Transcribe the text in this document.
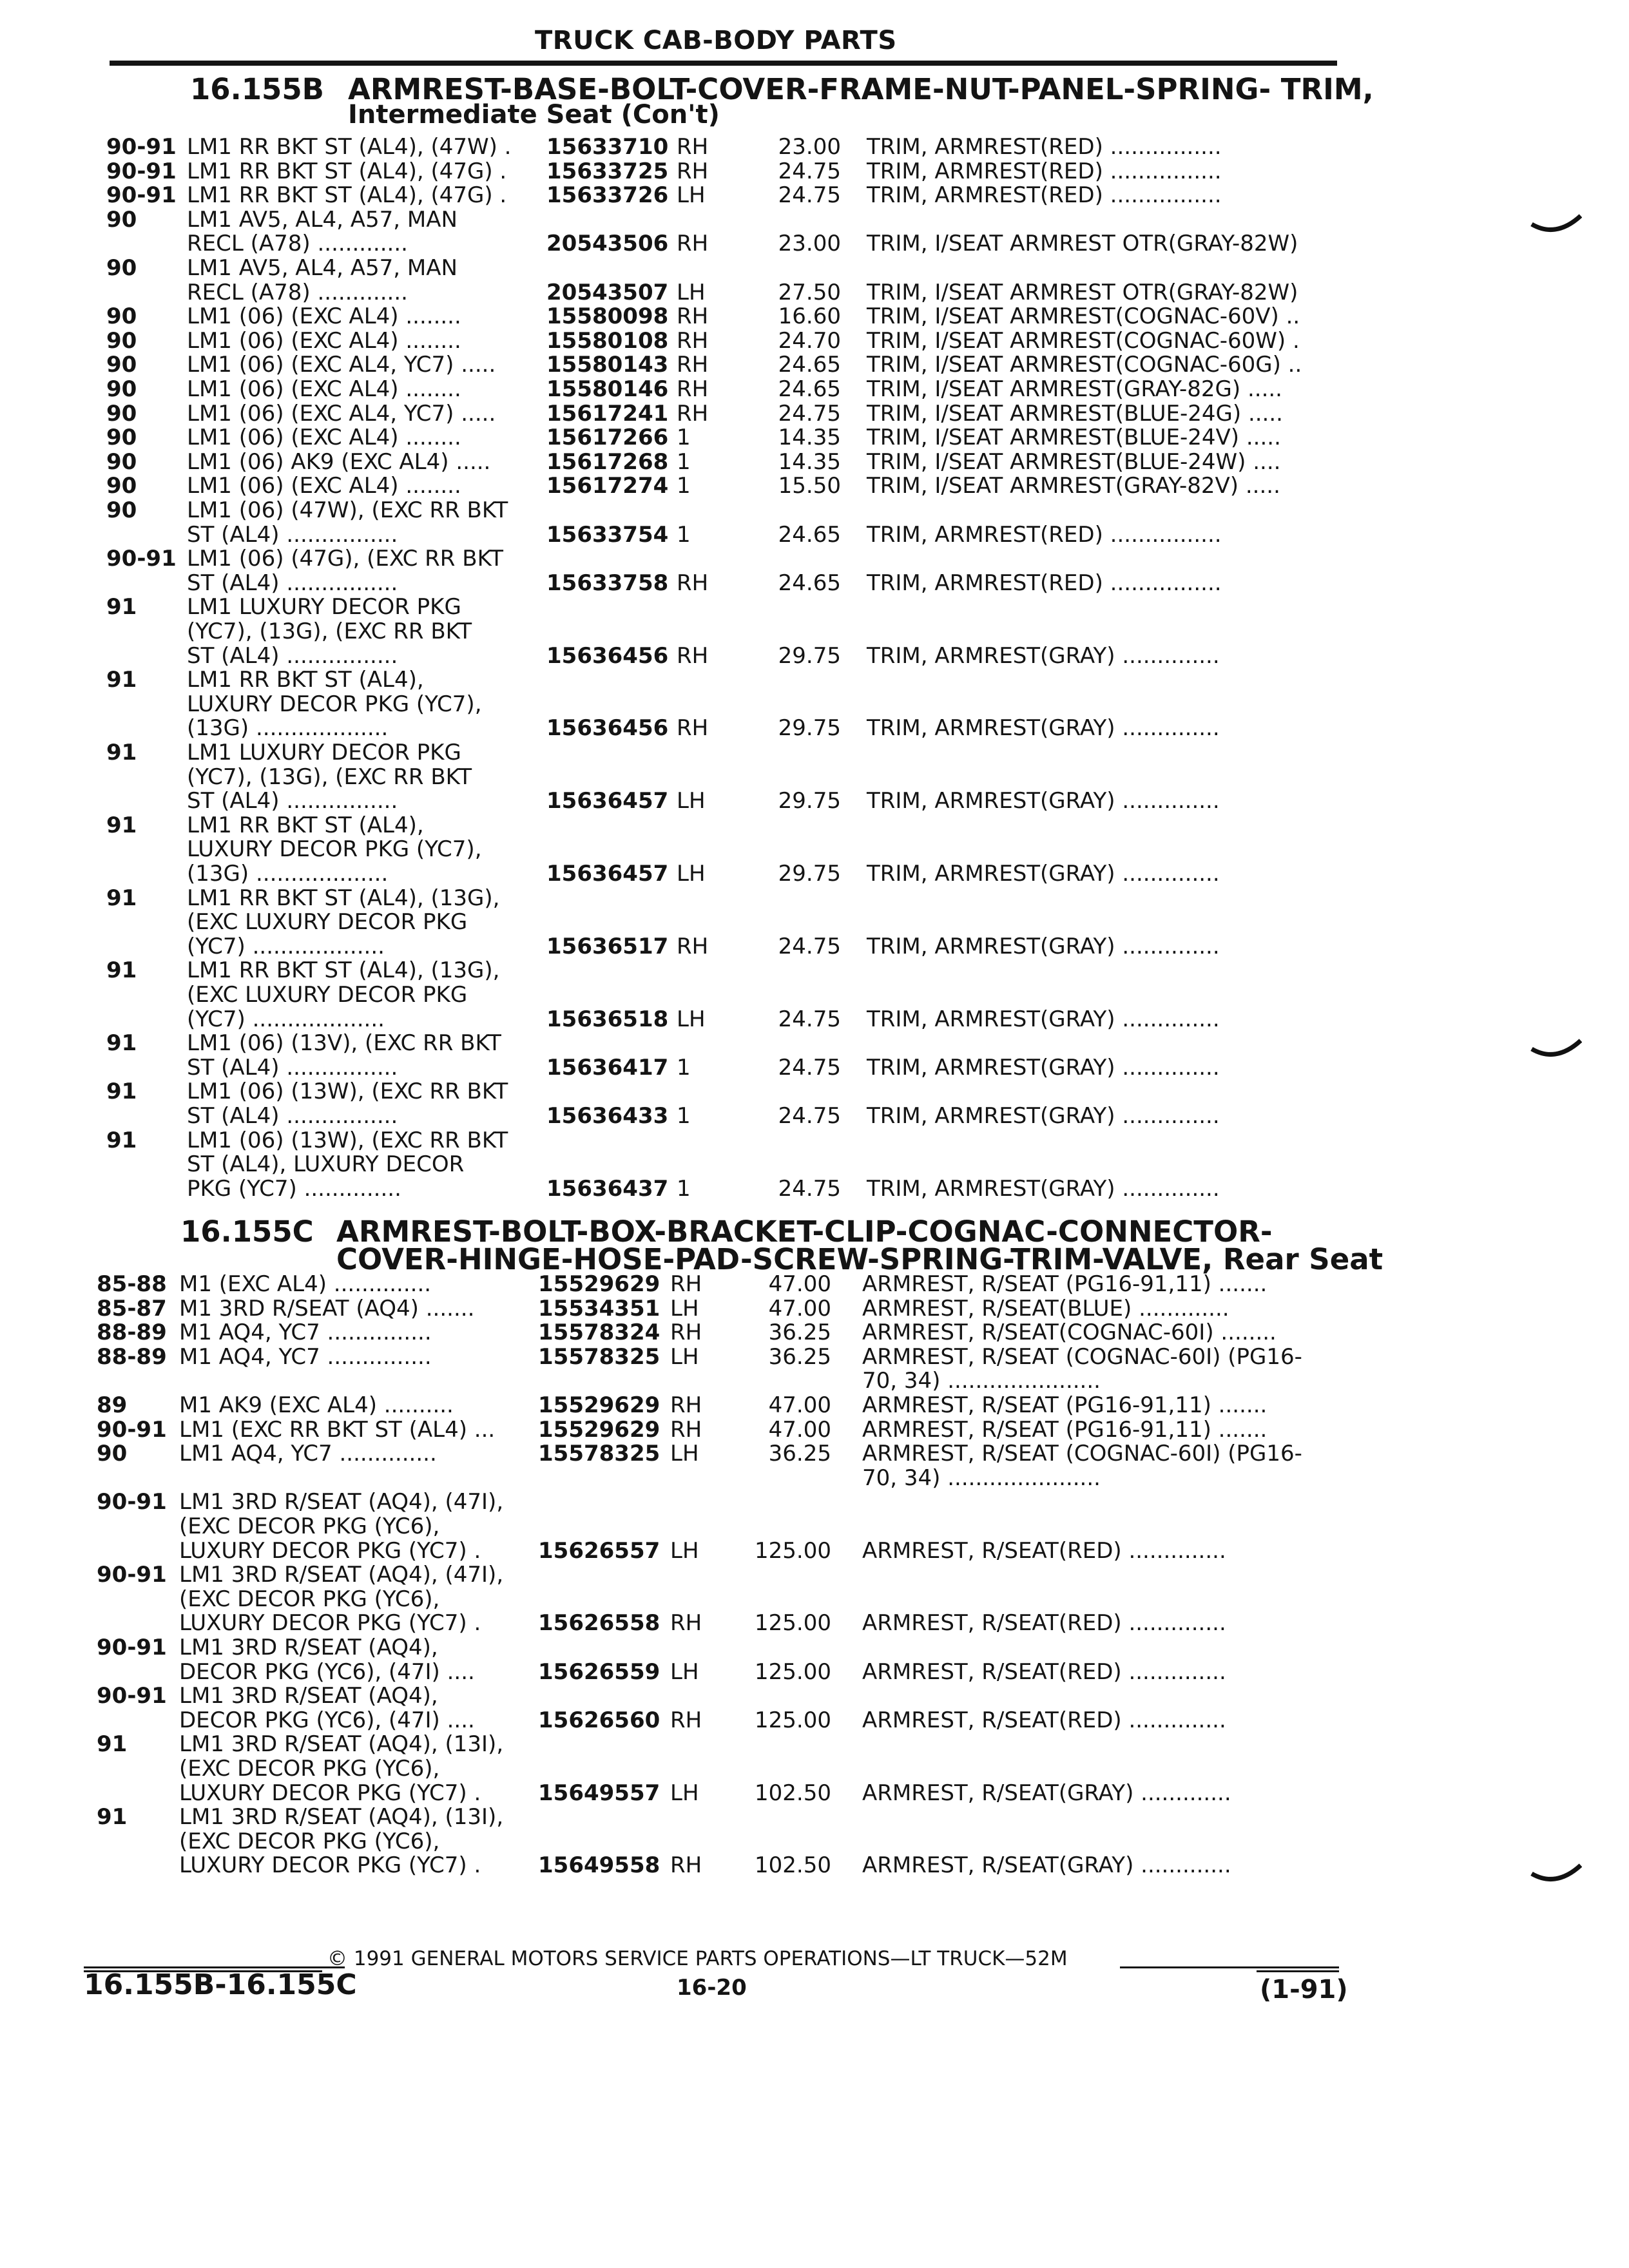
TRUCK CAB-BODY PARTS
16.155B ARMREST-BASE-BOLT-COVER-FRAME-NUT-PANEL-SPRING- TRIM,
Intermediate Seat (Con't)
90-91 LM1 RR BKT ST (AL4), (47W) . 15633710 RH	23.00 TRIM, ARMREST(RED) ................
90-91 LM1 RR BKT ST (AL4), (47G) . 15633725 RH	24.75 TRIM, ARMREST(RED) ................
90-91 LM1 RR BKT ST (AL4), (47G) . 15633726 LH	24.75 TRIM, ARMREST(RED) ................
90 LM1 AV5, AL4, A57, MAN
RECL (A78) .............	20543506 RH	23.00 TRIM, I/SEAT ARMREST OTR(GRAY-82W)
90 LM1 AV5, AL4, A57, MAN
RECL (A78) .............	20543507 LH	27.50 TRIM, I/SEAT ARMREST OTR(GRAY-82W)
90 LM1 (06) (EXC AL4) ........	15580098 RH	16.60 TRIM, I/SEAT ARMREST(COGNAC-60V) ..
90 LM1 (06) (EXC AL4) ........	15580108 RH	24.70 TRIM, I/SEAT ARMREST(COGNAC-60W) .
90 LM1 (06) (EXC AL4, YC7) ..... 15580143 RH	24.65 TRIM, I/SEAT ARMREST(COGNAC-60G) ..
90 LM1 (06) (EXC AL4) ........	15580146 RH	24.65 TRIM, I/SEAT ARMREST(GRAY-82G) .....
90 LM1 (06) (EXC AL4, YC7) ..... 15617241 RH	24.75 TRIM, I/SEAT ARMREST(BLUE-24G) .....
90 LM1 (06) (EXC AL4) ........	15617266 1	14.35 TRIM, I/SEAT ARMREST(BLUE-24V) .....
90 LM1 (06) AK9 (EXC AL4) .....	15617268 1	14.35 TRIM, I/SEAT ARMREST(BLUE-24W) ....
90 LM1 (06) (EXC AL4) ........	15617274 1	15.50 TRIM, I/SEAT ARMREST(GRAY-82V) .....
90 LM1 (06) (47W), (EXC RR BKT
ST (AL4) ................	15633754 1	24.65 TRIM, ARMREST(RED) ................
90-91 LM1 (06) (47G), (EXC RR BKT
ST (AL4) ................	15633758 RH	24.65 TRIM, ARMREST(RED) ................
91 LM1 LUXURY DECOR PKG
(YC7), (13G), (EXC RR BKT
ST (AL4) ................	15636456 RH	29.75 TRIM, ARMREST(GRAY) ..............
91 LM1 RR BKT ST (AL4),
LUXURY DECOR PKG (YC7),
(13G) ...................	15636456 RH	29.75 TRIM, ARMREST(GRAY) ..............
91 LM1 LUXURY DECOR PKG
(YC7), (13G), (EXC RR BKT
ST (AL4) ................	15636457 LH	29.75 TRIM, ARMREST(GRAY) ..............
91 LM1 RR BKT ST (AL4),
LUXURY DECOR PKG (YC7),
(13G) ...................	15636457 LH	29.75 TRIM, ARMREST(GRAY) ..............
91 LM1 RR BKT ST (AL4), (13G),
(EXC LUXURY DECOR PKG
(YC7) ...................	15636517 RH	24.75 TRIM, ARMREST(GRAY) ..............
91 LM1 RR BKT ST (AL4), (13G),
(EXC LUXURY DECOR PKG
(YC7) ...................	15636518 LH	24.75 TRIM, ARMREST(GRAY) ..............
91 LM1 (06) (13V), (EXC RR BKT
ST (AL4) ................	15636417 1	24.75 TRIM, ARMREST(GRAY) ..............
91 LM1 (06) (13W), (EXC RR BKT
ST (AL4) ................	15636433 1	24.75 TRIM, ARMREST(GRAY) ..............
91 LM1 (06) (13W), (EXC RR BKT
ST (AL4), LUXURY DECOR
PKG (YC7) ..............	15636437 1	24.75 TRIM, ARMREST(GRAY) ..............
16.155C ARMREST-BOLT-BOX-BRACKET-CLIP-COGNAC-CONNECTOR-
COVER-HINGE-HOSE-PAD-SCREW-SPRING-TRIM-VALVE, Rear Seat
85-88 M1 (EXC AL4) ..............	15529629 RH	47.00 ARMREST, R/SEAT (PG16-91,11) .......
85-87 M1 3RD R/SEAT (AQ4) .......	15534351 LH	47.00 ARMREST, R/SEAT(BLUE) .............
88-89 M1 AQ4, YC7 ...............	15578324 RH	36.25 ARMREST, R/SEAT(COGNAC-60I) ........
88-89 M1 AQ4, YC7 ...............	15578325 LH	36.25 ARMREST, R/SEAT (COGNAC-60I) (PG16-
70, 34) ......................
89 M1 AK9 (EXC AL4) ..........	15529629 RH	47.00 ARMREST, R/SEAT (PG16-91,11) .......
90-91 LM1 (EXC RR BKT ST (AL4) ... 15529629 RH	47.00 ARMREST, R/SEAT (PG16-91,11) .......
90 LM1 AQ4, YC7 ..............	15578325 LH	36.25 ARMREST, R/SEAT (COGNAC-60I) (PG16-
70, 34) ......................
90-91 LM1 3RD R/SEAT (AQ4), (47I),
(EXC DECOR PKG (YC6),
LUXURY DECOR PKG (YC7) .	15626557 LH	125.00 ARMREST, R/SEAT(RED) ..............
90-91 LM1 3RD R/SEAT (AQ4), (47I),
(EXC DECOR PKG (YC6),
LUXURY DECOR PKG (YC7) .	15626558 RH	125.00 ARMREST, R/SEAT(RED) ..............
90-91 LM1 3RD R/SEAT (AQ4),
DECOR PKG (YC6), (47I) ....	15626559 LH	125.00 ARMREST, R/SEAT(RED) ..............
90-91 LM1 3RD R/SEAT (AQ4),
DECOR PKG (YC6), (47I) ....	15626560 RH	125.00 ARMREST, R/SEAT(RED) ..............
91 LM1 3RD R/SEAT (AQ4), (13I),
(EXC DECOR PKG (YC6),
LUXURY DECOR PKG (YC7) .	15649557 LH	102.50 ARMREST, R/SEAT(GRAY) .............
91 LM1 3RD R/SEAT (AQ4), (13I),
(EXC DECOR PKG (YC6),
LUXURY DECOR PKG (YC7) .	15649558 RH	102.50 ARMREST, R/SEAT(GRAY) .............
© 1991 GENERAL MOTORS SERVICE PARTS OPERATIONS—LT TRUCK—52M
16.155B-16.155C	16-20	(1-91)
